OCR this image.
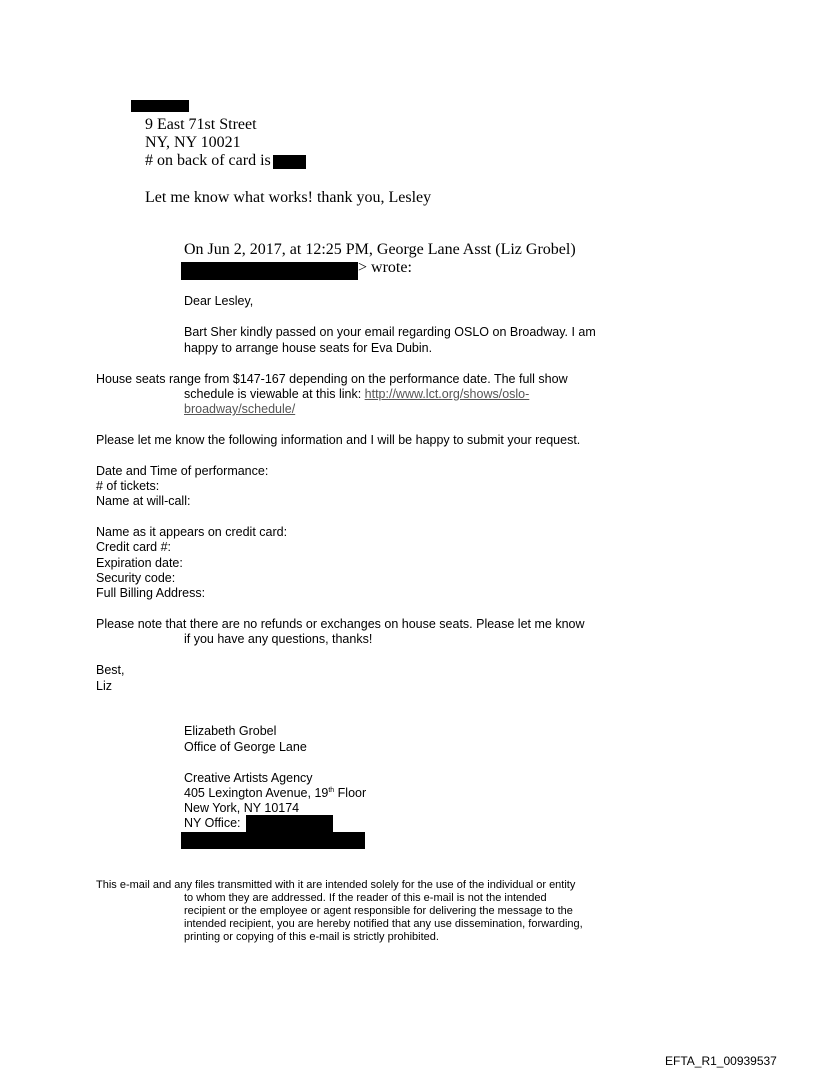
9 East 71st Street
NY, NY 10021
# on back of card is
Let me know what works! thank you, Lesley
On Jun 2, 2017, at 12:25 PM, George Lane Asst (Liz Grobel)
> wrote:
Dear Lesley,
Bart Sher kindly passed on your email regarding OSLO on Broadway. I am
happy to arrange house seats for Eva Dubin.
House seats range from $147-167 depending on the performance date. The full show
schedule is viewable at this link: http://www.lct.org/shows/oslo-
broadway/schedule/
Please let me know the following information and I will be happy to submit your request.
Date and Time of performance:
# of tickets:
Name at will-call:
Name as it appears on credit card:
Credit card #:
Expiration date:
Security code:
Full Billing Address:
Please note that there are no refunds or exchanges on house seats. Please let me know
if you have any questions, thanks!
Best,
Liz
Elizabeth Grobel
Office of George Lane
Creative Artists Agency
405 Lexington Avenue, 19th Floor
New York, NY 10174
NY Office:
This e-mail and any files transmitted with it are intended solely for the use of the individual or entity
to whom they are addressed. If the reader of this e-mail is not the intended
recipient or the employee or agent responsible for delivering the message to the
intended recipient, you are hereby notified that any use dissemination, forwarding,
printing or copying of this e-mail is strictly prohibited.
EFTA_R1_00939537
